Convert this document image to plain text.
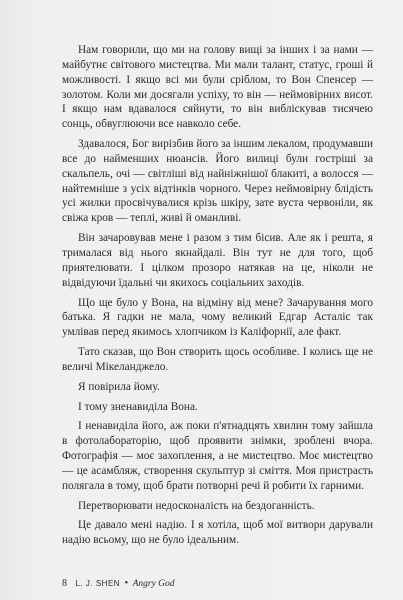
Нам говорили, що ми на голову вищі за інших і за нами — майбутнє світового мистецтва. Ми мали талант, статус, гроші й можливості. І якщо всі ми були сріблом, то Вон Спенсер — золотом. Коли ми досягали успіху, то він — неймовірних висот. І якщо нам вдавалося сяйнути, то він вибліскував тисячею сонць, обвуглюючи все навколо себе.

Здавалося, Бог вирізбив його за іншим лекалом, продумавши все до найменших нюансів. Його вилиці були гостріші за скальпель, очі — світліші від найніжнішої блакиті, а волосся — найтемніше з усіх відтінків чорного. Через неймовірну блідість усі жилки просвічувалися крізь шкіру, зате вуста червоніли, як свіжа кров — теплі, живі й оманливі.

Він зачаровував мене і разом з тим бісив. Але як і решта, я трималася від нього якнайдалі. Він тут не для того, щоб приятелювати. І цілком прозоро натякав на це, ніколи не відвідуючи їдальні чи якихось соціальних заходів.

Що ще було у Вона, на відміну від мене? Зачарування мого батька. Я гадки не мала, чому великий Едгар Асталіс так умлівав перед якимось хлопчиком із Каліфорнії, але факт.

Тато сказав, що Вон створить щось особливе. І колись ще не величі Мікеланджело.

Я повірила йому.

І тому зненавиділа Вона.

І ненавиділа його, аж поки п'ятнадцять хвилин тому зайшла в фотолабораторію, щоб проявити знімки, зроблені вчора. Фотографія — моє захоплення, а не мистецтво. Моє мистецтво — це асамбляж, створення скульптур зі сміття. Моя пристрасть полягала в тому, щоб брати потворні речі й робити їх гарними.

Перетворювати недосконалість на бездоганність.

Це давало мені надію. І я хотіла, щоб мої витвори дарували надію всьому, що не було ідеальним.

8 L. J. SHEN • Angry God
